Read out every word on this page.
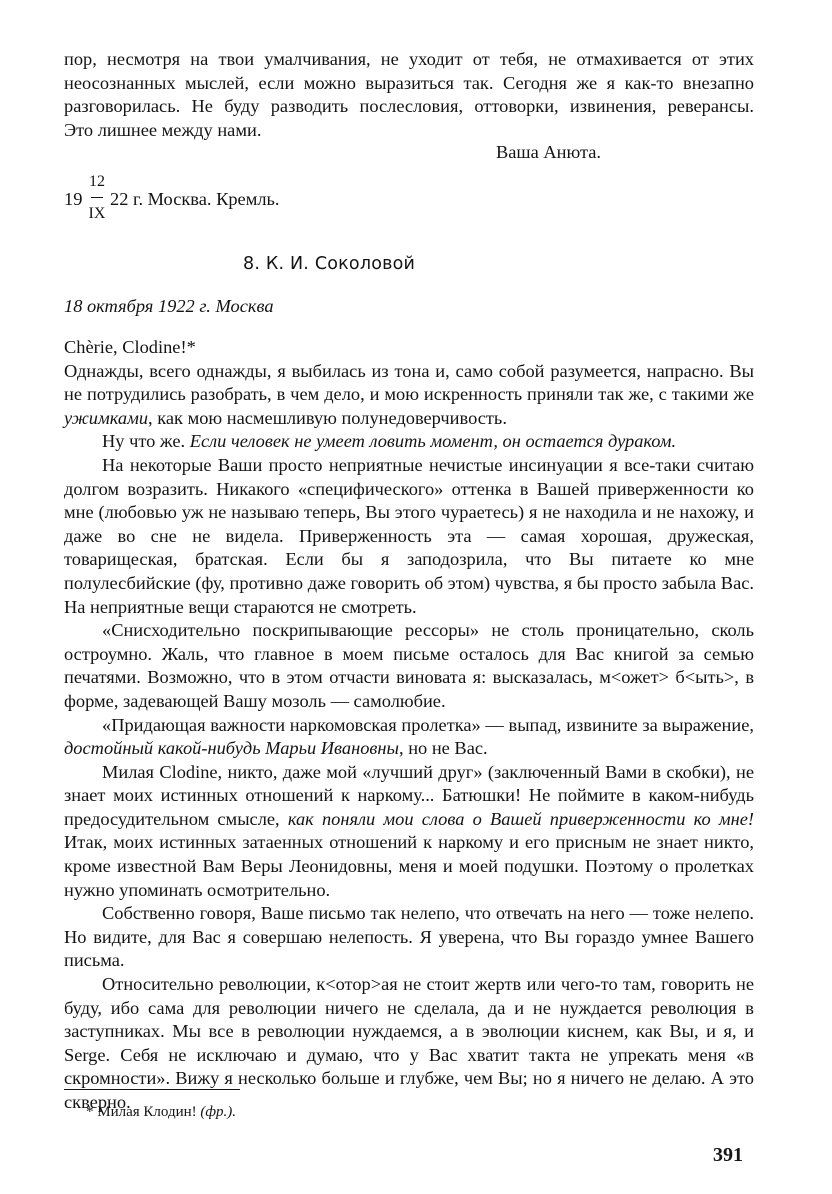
пор, несмотря на твои умалчивания, не уходит от тебя, не отмахивается от этих

неосознанных мыслей, если можно выразиться так. Сегодня же я как-то внезапно

разговорилась. Не буду разводить послесловия, оттоворки, извинения, реверансы.

Это лишнее между нами.

Ваша Анюта.
19
12
IX
22 г. Москва. Кремль.
8. К. И. Соколовой
18 октября 1922 г. Москва

Chèrie, Clodine!*

Однажды, всего однажды, я выбилась из тона и, само собой разумеется, напрасно. Вы не потрудились разобрать, в чем дело, и мою искренность приняли так же, с такими же ужимками, как мою насмешливую полунедоверчивость.

Ну что же. Если человек не умеет ловить момент, он остается дураком.

На некоторые Ваши просто неприятные нечистые инсинуации я все-таки считаю долгом возразить. Никакого «специфического» оттенка в Вашей приверженности ко мне (любовью уж не называю теперь, Вы этого чураетесь) я не находила и не нахожу, и даже во сне не видела. Приверженность эта — самая хорошая, дружеская, товарищеская, братская. Если бы я заподозрила, что Вы питаете ко мне полулесбийские (фу, противно даже говорить об этом) чувства, я бы просто забыла Вас. На неприятные вещи стараются не смотреть.

«Снисходительно поскрипывающие рессоры» не столь проницательно, сколь остроумно. Жаль, что главное в моем письме осталось для Вас книгой за семью печатями. Возможно, что в этом отчасти виновата я: высказалась, м<ожет> б<ыть>, в форме, задевающей Вашу мозоль — самолюбие.

«Придающая важности наркомовская пролетка» — выпад, извините за выражение, достойный какой-нибудь Марьи Ивановны, но не Вас.

Милая Clodine, никто, даже мой «лучший друг» (заключенный Вами в скобки), не знает моих истинных отношений к наркому... Батюшки! Не поймите в каком-нибудь предосудительном смысле, как поняли мои слова о Вашей приверженности ко мне! Итак, моих истинных затаенных отношений к наркому и его присным не знает никто, кроме известной Вам Веры Леонидовны, меня и моей подушки. Поэтому о пролетках нужно упоминать осмотрительно.

Собственно говоря, Ваше письмо так нелепо, что отвечать на него — тоже нелепо. Но видите, для Вас я совершаю нелепость. Я уверена, что Вы гораздо умнее Вашего письма.

Относительно революции, к<отор>ая не стоит жертв или чего-то там, говорить не буду, ибо сама для революции ничего не сделала, да и не нуждается революция в заступниках. Мы все в революции нуждаемся, а в эволюции киснем, как Вы, и я, и Serge. Себя не исключаю и думаю, что у Вас хватит такта не упрекать меня «в скромности». Вижу я несколько больше и глубже, чем Вы; но я ничего не делаю. А это скверно.

* Милая Клодин! (фр.).
391
